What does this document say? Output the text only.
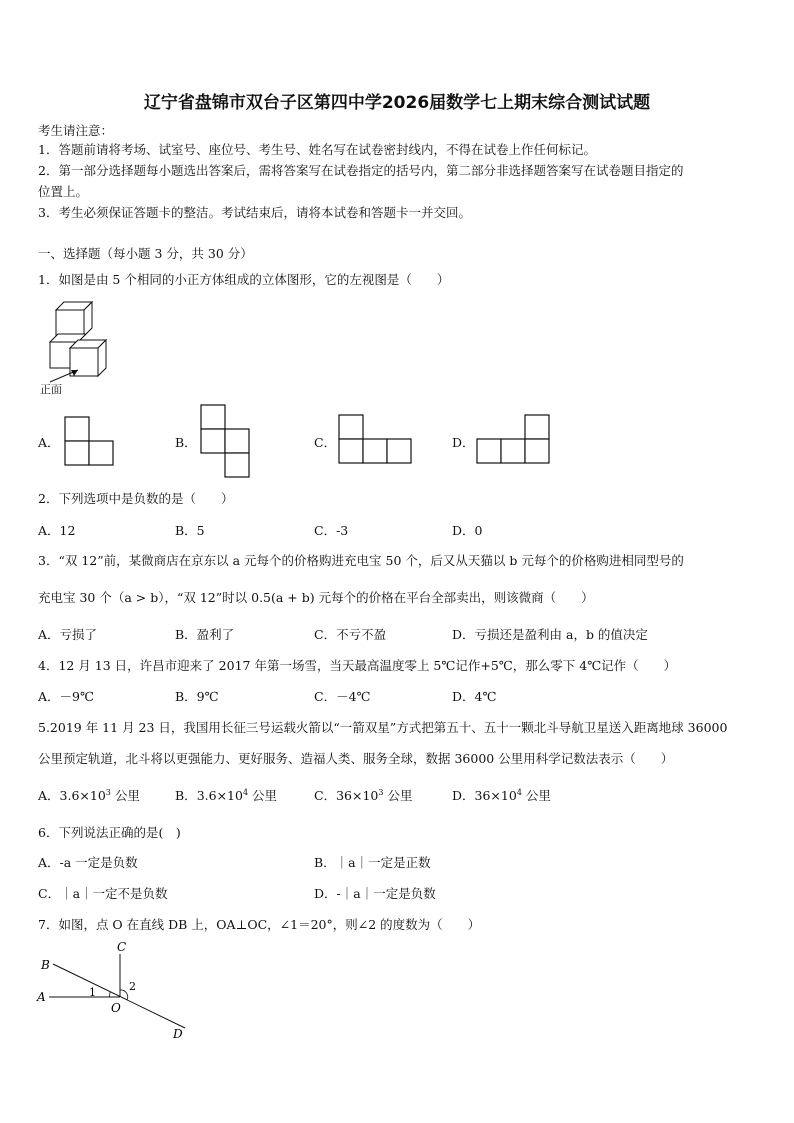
辽宁省盘锦市双台子区第四中学2026届数学七上期末综合测试试题
考生请注意：
1．答题前请将考场、试室号、座位号、考生号、姓名写在试卷密封线内，不得在试卷上作任何标记。
2．第一部分选择题每小题选出答案后，需将答案写在试卷指定的括号内，第二部分非选择题答案写在试卷题目指定的
位置上。
3．考生必须保证答题卡的整洁。考试结束后，请将本试卷和答题卡一并交回。
一、选择题（每小题 3 分，共 30 分）
1．如图是由 5 个相同的小正方体组成的立体图形，它的左视图是（　　）
正面
A．	B．	C．	D．
2．下列选项中是负数的是（　　）
A．12	B．5	C．-3	D．0
3．“双 12”前，某微商店在京东以 a 元每个的价格购进充电宝 50 个，后又从天猫以 b 元每个的价格购进相同型号的
充电宝 30 个（a > b），“双 12”时以 0.5(a + b) 元每个的价格在平台全部卖出，则该微商（　　）
A．亏损了	B．盈利了	C．不亏不盈	D．亏损还是盈利由 a，b 的值决定
4．12 月 13 日，许昌市迎来了 2017 年第一场雪，当天最高温度零上 5℃记作+5℃，那么零下 4℃记作（　　）
A．－9℃	B．9℃	C．－4℃	D．4℃
5.2019 年 11 月 23 日，我国用长征三号运载火箭以“一箭双星”方式把第五十、五十一颗北斗导航卫星送入距离地球 36000
公里预定轨道，北斗将以更强能力、更好服务、造福人类、服务全球，数据 36000 公里用科学记数法表示（　　）
A．$3.6\times 10^3$ 公里	B．$3.6\times 10^4$ 公里	C．$36\times 10^3$ 公里	D．$36\times 10^4$ 公里
6．下列说法正确的是(　)
A．-a 一定是负数	B．｜a｜一定是正数
C．｜a｜一定不是负数	D．-｜a｜一定是负数
7．如图，点 O 在直线 DB 上，OA⊥OC，∠1＝20°，则∠2 的度数为（　　）
B
A
C
O
D
1	2
